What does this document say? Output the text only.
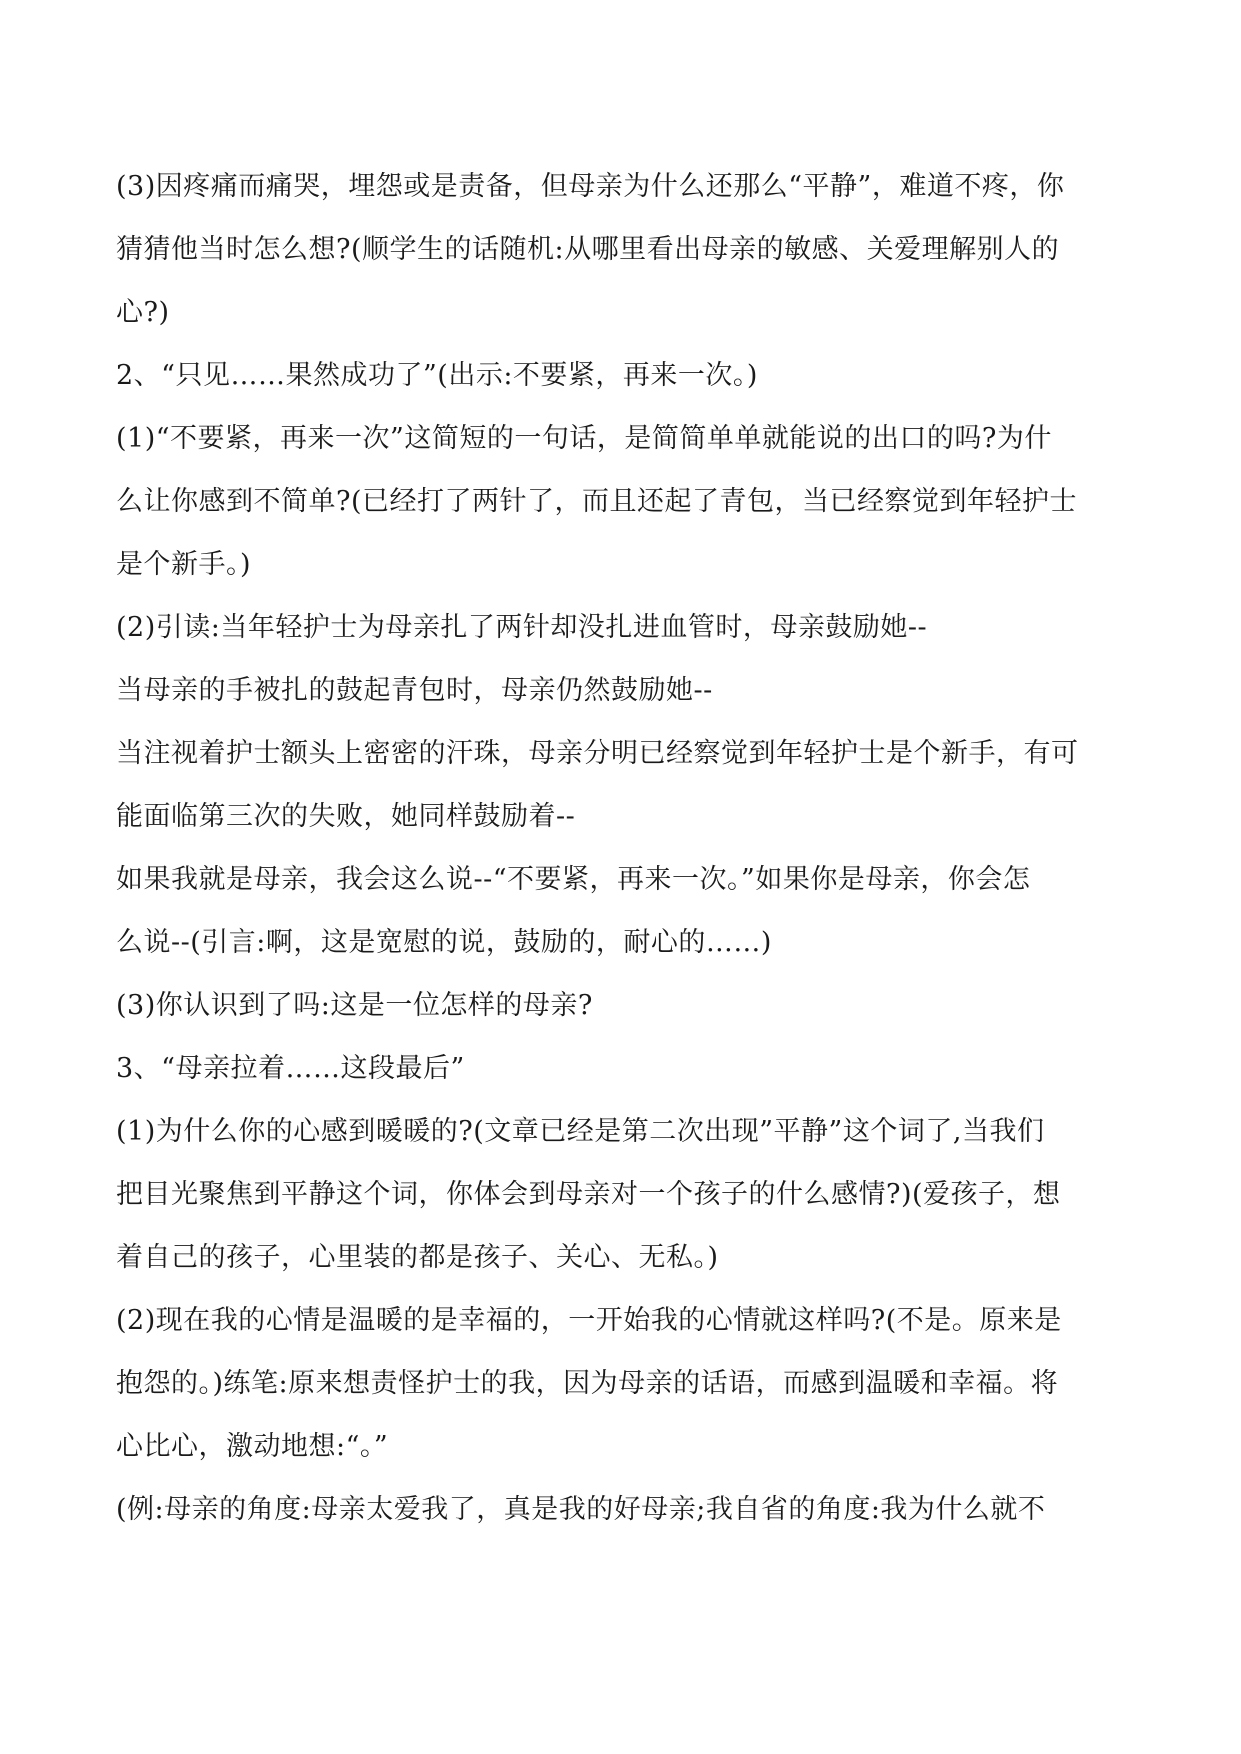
(3)因疼痛而痛哭，埋怨或是责备，但母亲为什么还那么“平静”，难道不疼，你
猜猜他当时怎么想?(顺学生的话随机:从哪里看出母亲的敏感、关爱理解别人的
心?)
2、“只见……果然成功了”(出示:不要紧，再来一次。)
(1)“不要紧，再来一次”这简短的一句话，是简简单单就能说的出口的吗?为什
么让你感到不简单?(已经打了两针了，而且还起了青包，当已经察觉到年轻护士
是个新手。)
(2)引读:当年轻护士为母亲扎了两针却没扎进血管时，母亲鼓励她--
当母亲的手被扎的鼓起青包时，母亲仍然鼓励她--
当注视着护士额头上密密的汗珠，母亲分明已经察觉到年轻护士是个新手，有可
能面临第三次的失败，她同样鼓励着--
如果我就是母亲，我会这么说--“不要紧，再来一次。”如果你是母亲，你会怎
么说--(引言:啊，这是宽慰的说，鼓励的，耐心的……)
(3)你认识到了吗:这是一位怎样的母亲?
3、“母亲拉着……这段最后”
(1)为什么你的心感到暖暖的?(文章已经是第二次出现”平静”这个词了,当我们
把目光聚焦到平静这个词，你体会到母亲对一个孩子的什么感情?)(爱孩子，想
着自己的孩子，心里装的都是孩子、关心、无私。)
(2)现在我的心情是温暖的是幸福的，一开始我的心情就这样吗?(不是。原来是
抱怨的。)练笔:原来想责怪护士的我，因为母亲的话语，而感到温暖和幸福。将
心比心，激动地想:“。”
(例:母亲的角度:母亲太爱我了，真是我的好母亲;我自省的角度:我为什么就不
